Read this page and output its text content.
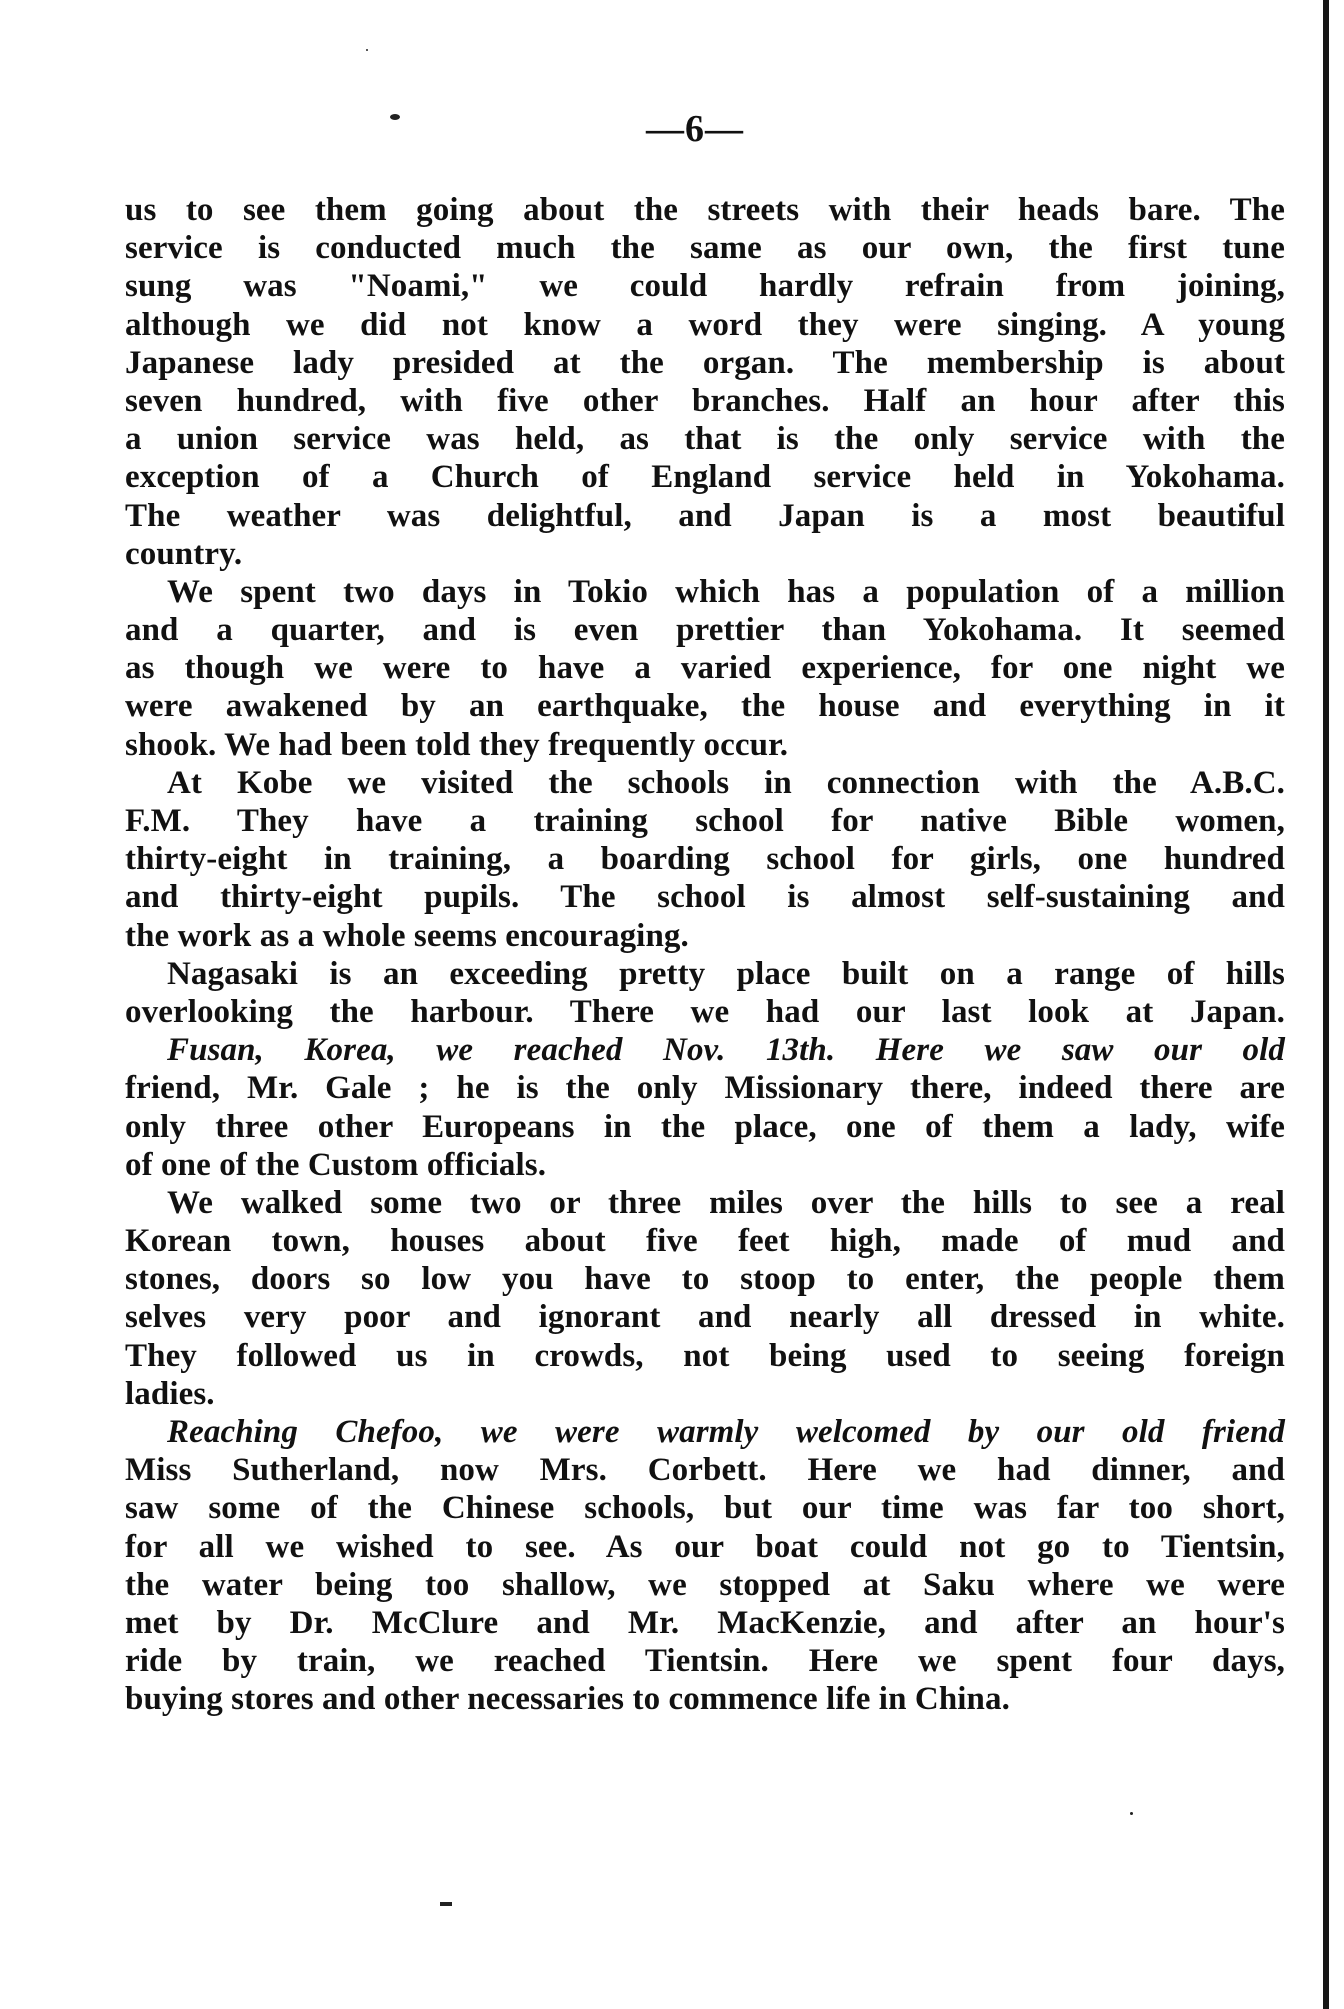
—6—
us to see them going about the streets with their heads bare. The
service is conducted much the same as our own, the first tune
sung was "Noami," we could hardly refrain from joining,
although we did not know a word they were singing. A young
Japanese lady presided at the organ. The membership is about
seven hundred, with five other branches. Half an hour after this
a union service was held, as that is the only service with the
exception of a Church of England service held in Yokohama.
The weather was delightful, and Japan is a most beautiful
country.
We spent two days in Tokio which has a population of a million
and a quarter, and is even prettier than Yokohama. It seemed
as though we were to have a varied experience, for one night we
were awakened by an earthquake, the house and everything in it
shook. We had been told they frequently occur.
At Kobe we visited the schools in connection with the A.B.C.
F.M. They have a training school for native Bible women,
thirty-eight in training, a boarding school for girls, one hundred
and thirty-eight pupils. The school is almost self-sustaining and
the work as a whole seems encouraging.
Nagasaki is an exceeding pretty place built on a range of hills
overlooking the harbour. There we had our last look at Japan.
Fusan, Korea, we reached Nov. 13th. Here we saw our old
friend, Mr. Gale ; he is the only Missionary there, indeed there are
only three other Europeans in the place, one of them a lady, wife
of one of the Custom officials.
We walked some two or three miles over the hills to see a real
Korean town, houses about five feet high, made of mud and
stones, doors so low you have to stoop to enter, the people them
selves very poor and ignorant and nearly all dressed in white.
They followed us in crowds, not being used to seeing foreign
ladies.
Reaching Chefoo, we were warmly welcomed by our old friend
Miss Sutherland, now Mrs. Corbett. Here we had dinner, and
saw some of the Chinese schools, but our time was far too short,
for all we wished to see. As our boat could not go to Tientsin,
the water being too shallow, we stopped at Saku where we were
met by Dr. McClure and Mr. MacKenzie, and after an hour's
ride by train, we reached Tientsin. Here we spent four days,
buying stores and other necessaries to commence life in China.
